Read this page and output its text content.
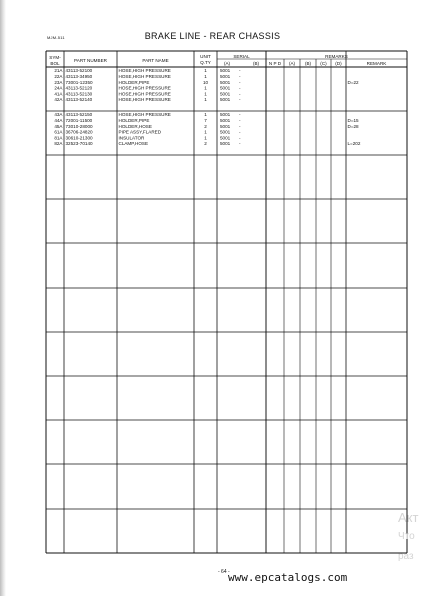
MJM-511	BRAKE LINE - REAR CHASSIS
SYM-
BOL
PART NUMBER	PART NAME
UNIT
Q.TY
SERIAL
(A)	(B)
REMARKS
N P D (A) (B) (C) (D)	REMARK
21A 43113-52100	HOSE,HIGH PRESSURE	1	5001 -
22A 43113-34950	HOSE,HIGH PRESSURE	1	5001 -
23A 73001-12350	HOLDER,PIPE	10	5001 -	D=22
24A 43113-52120	HOSE,HIGH PRESSURE	1	5001 -
41A 43113-52130	HOSE,HIGH PRESSURE	1	5001 -
42A 43113-52140	HOSE,HIGH PRESSURE	1	5001 -
43A 43113-52150	HOSE,HIGH PRESSURE	1	5001 -
44A 72001-11500	HOLDER,PIPE	7	5001 -	D=15
45A 73010-28000	HOLDER,HOSE	2	5001 -	D=28
61A 36706-24820	PIPE ASSY,FLARED	1	5001 -
81A 30610-21300	INSULATOR	1	5001 -
82A 32523-70140	CLAMP,HOSE	2	5001 -	L=202
- 64 -
www.epcatalogs.com
Акт
Что
раз
